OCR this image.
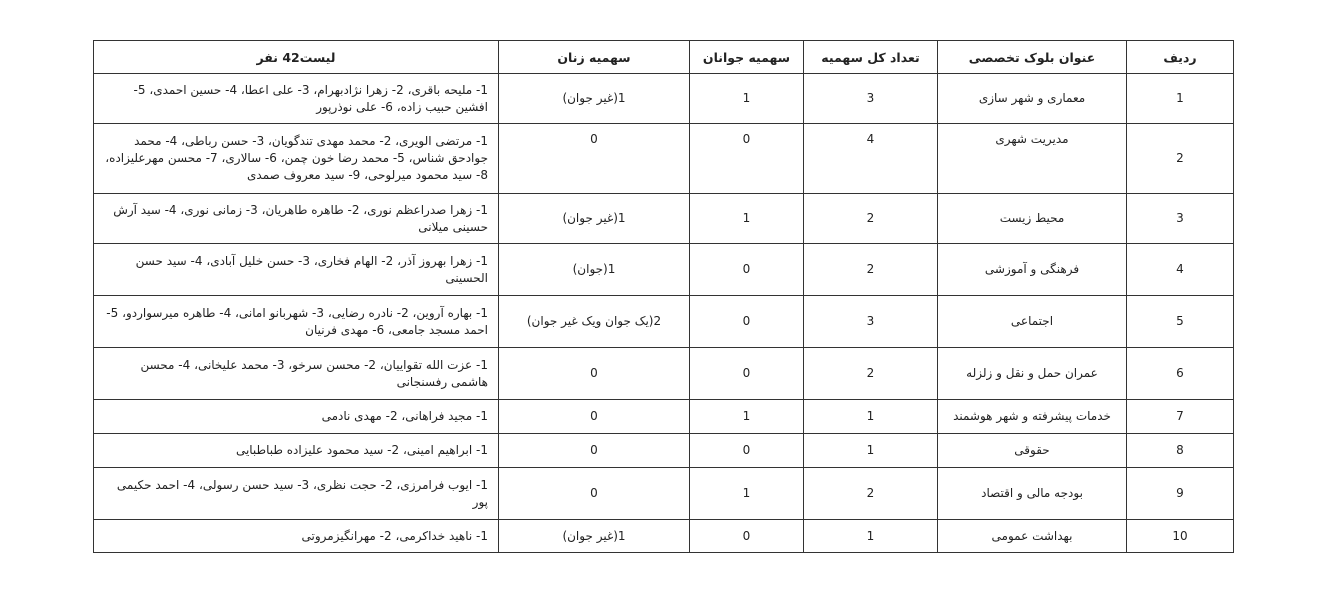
ردیف	عنوان بلوک تخصصی	تعداد کل سهمیه	سهمیه جوانان	سهمیه زنان	لیست42 نفر
1	معماری و شهر سازی	3	1	1(غیر جوان)	1- ملیحه باقری، 2- زهرا نژادبهرام، 3- علی اعطا، 4- حسین احمدی، 5- افشین حبیب زاده، 6- علی نوذرپور
2	مدیریت شهری	4	0	0	1- مرتضی الویری، 2- محمد مهدی تندگویان، 3- حسن رباطی، 4- محمد جوادحق شناس، 5- محمد رضا خون چمن، 6- سالاری، 7- محسن مهرعلیزاده، 8- سید محمود میرلوحی، 9- سید معروف صمدی
3	محیط زیست	2	1	1(غیر جوان)	1- زهرا صدراعظم نوری، 2- طاهره طاهریان، 3- زمانی نوری، 4- سید آرش حسینی میلانی
4	فرهنگی و آموزشی	2	0	1(جوان)	1- زهرا بهروز آذر، 2- الهام فخاری، 3- حسن خلیل آبادی، 4- سید حسن الحسینی
5	اجتماعی	3	0	2(یک جوان ویک غیر جوان)	1- بهاره آروین، 2- نادره رضایی، 3- شهربانو امانی، 4- طاهره میرسواردو، 5- احمد مسجد جامعی، 6- مهدی فرنیان
6	عمران حمل و نقل و زلزله	2	0	0	1- عزت الله تقواییان، 2- محسن سرخو، 3- محمد علیخانی، 4- محسن هاشمی رفسنجانی
7	خدمات پیشرفته و شهر هوشمند	1	1	0	1- مجید فراهانی، 2- مهدی نادمی
8	حقوقی	1	0	0	1- ابراهیم امینی، 2- سید محمود علیزاده طباطبایی
9	بودجه مالی و اقتصاد	2	1	0	1- ایوب فرامرزی، 2- حجت نظری، 3- سید حسن رسولی، 4- احمد حکیمی پور
10	بهداشت عمومی	1	0	1(غیر جوان)	1- ناهید خداکرمی، 2- مهرانگیزمروتی
